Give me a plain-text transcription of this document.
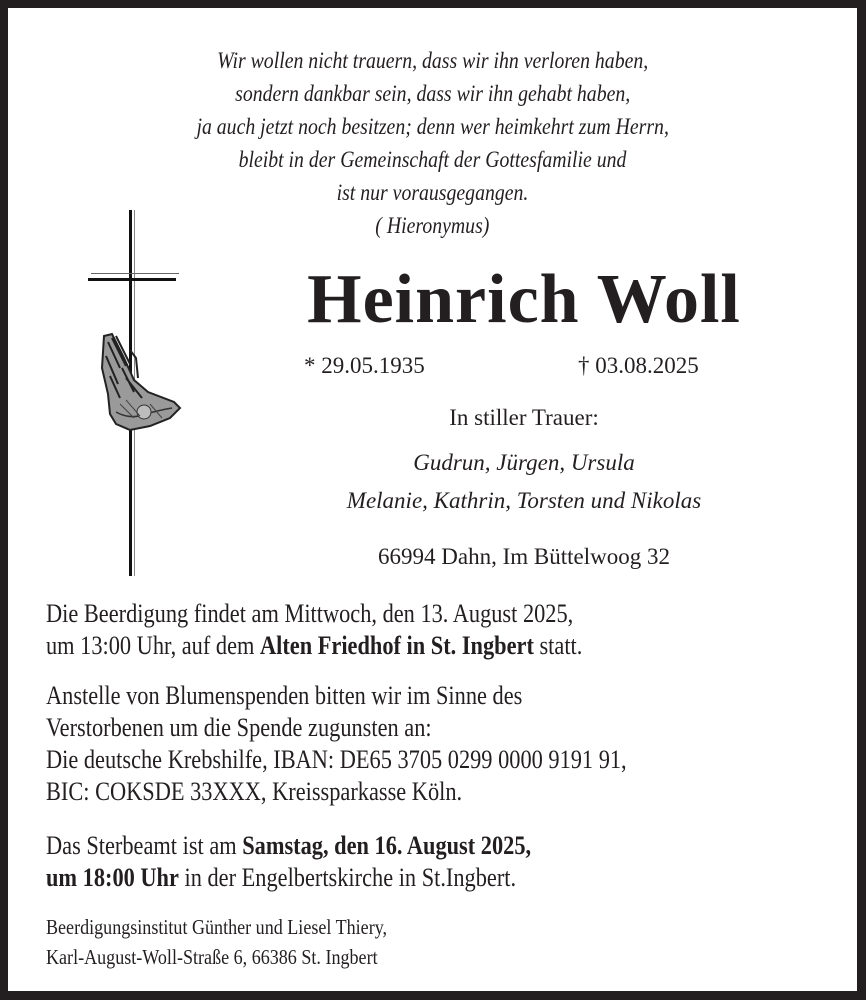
Wir wollen nicht trauern, dass wir ihn verloren haben,
sondern dankbar sein, dass wir ihn gehabt haben,
ja auch jetzt noch besitzen; denn wer heimkehrt zum Herrn,
bleibt in der Gemeinschaft der Gottesfamilie und
ist nur vorausgegangen.
( Hieronymus)
Heinrich Woll
* 29.05.1935	† 03.08.2025
In stiller Trauer:
Gudrun, Jürgen, Ursula
Melanie, Kathrin, Torsten und Nikolas
66994 Dahn, Im Büttelwoog 32
Die Beerdigung findet am Mittwoch, den 13. August 2025,
um 13:00 Uhr, auf dem Alten Friedhof in St. Ingbert statt.
Anstelle von Blumenspenden bitten wir im Sinne des
Verstorbenen um die Spende zugunsten an:
Die deutsche Krebshilfe, IBAN: DE65 3705 0299 0000 9191 91,
BIC: COKSDE 33XXX, Kreissparkasse Köln.
Das Sterbeamt ist am Samstag, den 16. August 2025,
um 18:00 Uhr in der Engelbertskirche in St.Ingbert.
Beerdigungsinstitut Günther und Liesel Thiery,
Karl-August-Woll-Straße 6, 66386 St. Ingbert
